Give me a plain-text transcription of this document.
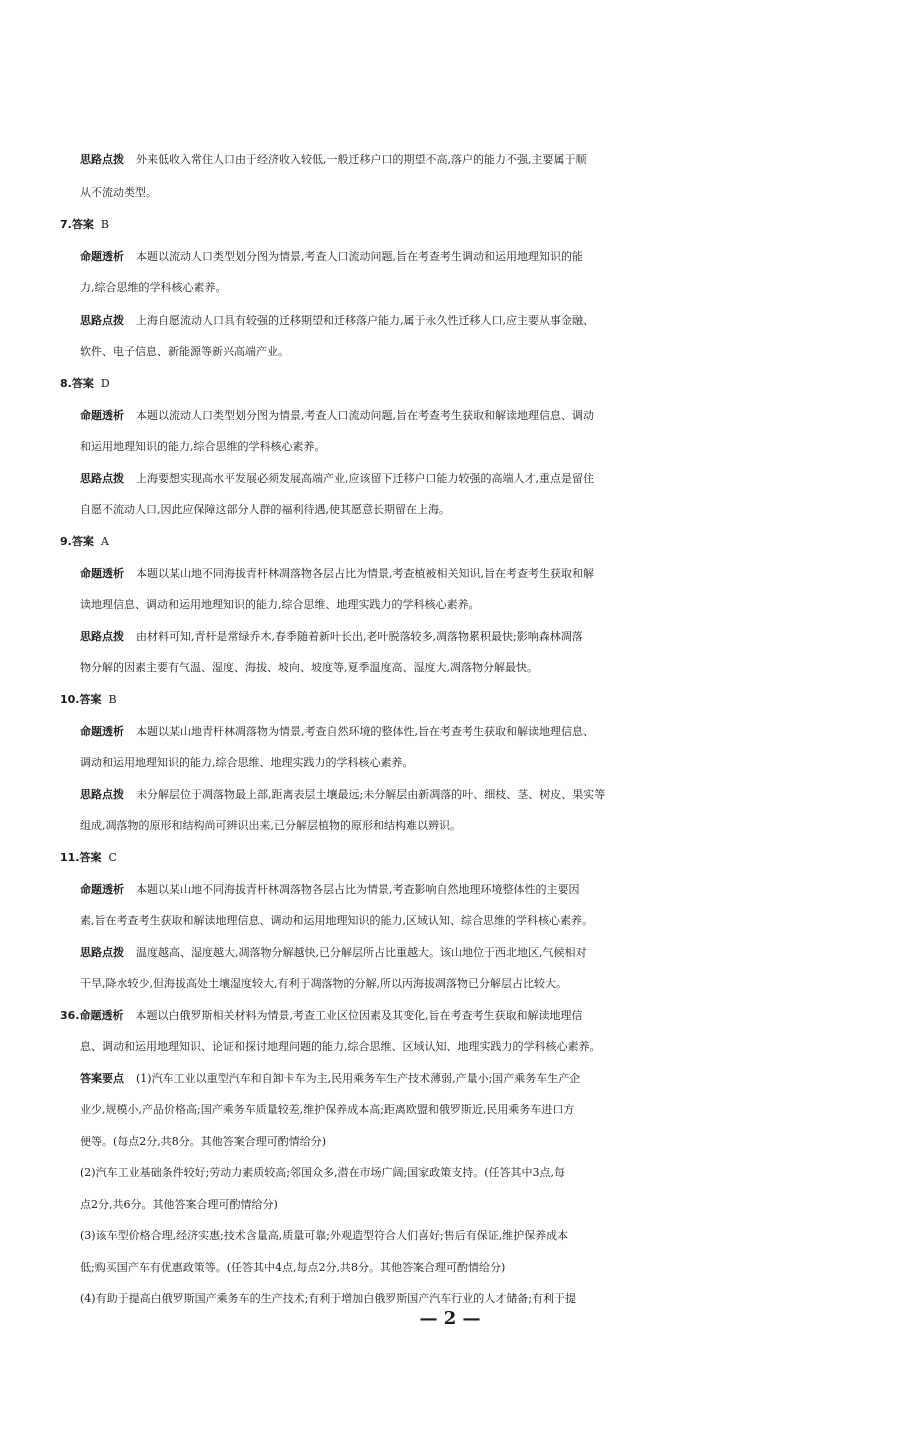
思路点拨 外来低收入常住人口由于经济收入较低,一般迁移户口的期望不高,落户的能力不强,主要属于顺
从不流动类型。
7.答案 B
命题透析 本题以流动人口类型划分图为情景,考查人口流动问题,旨在考查考生调动和运用地理知识的能
力,综合思维的学科核心素养。
思路点拨 上海自愿流动人口具有较强的迁移期望和迁移落户能力,属于永久性迁移人口,应主要从事金融、
软件、电子信息、新能源等新兴高端产业。
8.答案 D
命题透析 本题以流动人口类型划分图为情景,考查人口流动问题,旨在考查考生获取和解读地理信息、调动
和运用地理知识的能力,综合思维的学科核心素养。
思路点拨 上海要想实现高水平发展必须发展高端产业,应该留下迁移户口能力较强的高端人才,重点是留住
自愿不流动人口,因此应保障这部分人群的福利待遇,使其愿意长期留在上海。
9.答案 A
命题透析 本题以某山地不同海拔青杆林凋落物各层占比为情景,考查植被相关知识,旨在考查考生获取和解
读地理信息、调动和运用地理知识的能力,综合思维、地理实践力的学科核心素养。
思路点拨 由材料可知,青杆是常绿乔木,春季随着新叶长出,老叶脱落较多,凋落物累积最快;影响森林凋落
物分解的因素主要有气温、湿度、海拔、坡向、坡度等,夏季温度高、湿度大,凋落物分解最快。
10.答案 B
命题透析 本题以某山地青杆林凋落物为情景,考查自然环境的整体性,旨在考查考生获取和解读地理信息、
调动和运用地理知识的能力,综合思维、地理实践力的学科核心素养。
思路点拨 未分解层位于凋落物最上部,距离表层土壤最远;未分解层由新凋落的叶、细枝、茎、树皮、果实等
组成,凋落物的原形和结构尚可辨识出来,已分解层植物的原形和结构难以辨识。
11.答案 C
命题透析 本题以某山地不同海拔青杆林凋落物各层占比为情景,考查影响自然地理环境整体性的主要因
素,旨在考查考生获取和解读地理信息、调动和运用地理知识的能力,区域认知、综合思维的学科核心素养。
思路点拨 温度越高、湿度越大,凋落物分解越快,已分解层所占比重越大。该山地位于西北地区,气候相对
干旱,降水较少,但海拔高处土壤湿度较大,有利于凋落物的分解,所以丙海拔凋落物已分解层占比较大。
36.命题透析 本题以白俄罗斯相关材料为情景,考查工业区位因素及其变化,旨在考查考生获取和解读地理信
息、调动和运用地理知识、论证和探讨地理问题的能力,综合思维、区域认知、地理实践力的学科核心素养。
答案要点 (1)汽车工业以重型汽车和自卸卡车为主,民用乘务车生产技术薄弱,产量小;国产乘务车生产企
业少,规模小,产品价格高;国产乘务车质量较差,维护保养成本高;距离欧盟和俄罗斯近,民用乘务车进口方
便等。(每点2分,共8分。其他答案合理可酌情给分)
(2)汽车工业基础条件较好;劳动力素质较高;邻国众多,潜在市场广阔;国家政策支持。(任答其中3点,每
点2分,共6分。其他答案合理可酌情给分)
(3)该车型价格合理,经济实惠;技术含量高,质量可靠;外观造型符合人们喜好;售后有保证,维护保养成本
低;购买国产车有优惠政策等。(任答其中4点,每点2分,共8分。其他答案合理可酌情给分)
(4)有助于提高白俄罗斯国产乘务车的生产技术;有利于增加白俄罗斯国产汽车行业的人才储备;有利于提
— 2 —
